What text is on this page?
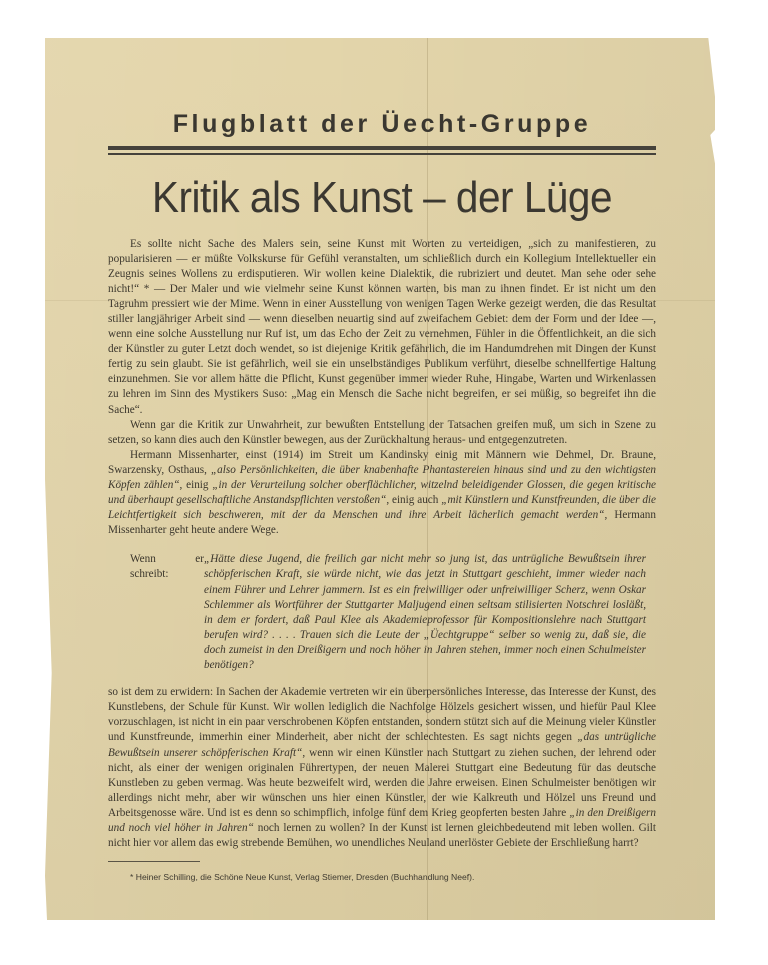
Flugblatt der Üecht-Gruppe
Kritik als Kunst – der Lüge

Es sollte nicht Sache des Malers sein, seine Kunst mit Worten zu verteidigen, „sich zu manifestieren, zu popularisieren — er müßte Volkskurse für Gefühl veranstalten, um schließlich durch ein Kollegium Intellektueller ein Zeugnis seines Wollens zu erdisputieren. Wir wollen keine Dialektik, die rubriziert und deutet. Man sehe oder sehe nicht!“ * — Der Maler und wie vielmehr seine Kunst können warten, bis man zu ihnen findet. Er ist nicht um den Tagruhm pressiert wie der Mime. Wenn in einer Ausstellung von wenigen Tagen Werke gezeigt werden, die das Resultat stiller langjähriger Arbeit sind — wenn dieselben neuartig sind auf zweifachem Gebiet: dem der Form und der Idee —, wenn eine solche Ausstellung nur Ruf ist, um das Echo der Zeit zu vernehmen, Fühler in die Öffentlichkeit, an die sich der Künstler zu guter Letzt doch wendet, so ist diejenige Kritik gefährlich, die im Handumdrehen mit Dingen der Kunst fertig zu sein glaubt. Sie ist gefährlich, weil sie ein unselbständiges Publikum verführt, dieselbe schnellfertige Haltung einzunehmen. Sie vor allem hätte die Pflicht, Kunst gegenüber immer wieder Ruhe, Hingabe, Warten und Wirkenlassen zu lehren im Sinn des Mystikers Suso: „Mag ein Mensch die Sache nicht begreifen, er sei müßig, so begreifet ihn die Sache“.

Wenn gar die Kritik zur Unwahrheit, zur bewußten Entstellung der Tatsachen greifen muß, um sich in Szene zu setzen, so kann dies auch den Künstler bewegen, aus der Zurückhaltung heraus- und entgegenzutreten.

Hermann Missenharter, einst (1914) im Streit um Kandinsky einig mit Männern wie Dehmel, Dr. Braune, Swarzensky, Osthaus, „also Persönlichkeiten, die über knabenhafte Phantastereien hinaus sind und zu den wichtigsten Köpfen zählen“, einig „in der Verurteilung solcher oberflächlicher, witzelnd beleidigender Glossen, die gegen kritische und überhaupt gesellschaftliche Anstandspflichten verstoßen“, einig auch „mit Künstlern und Kunstfreunden, die über die Leichtfertigkeit sich beschweren, mit der da Menschen und ihre Arbeit lächerlich gemacht werden“, Hermann Missenharter geht heute andere Wege.

Wenn er schreibt:
„Hätte diese Jugend, die freilich gar nicht mehr so jung ist, das untrügliche Bewußtsein ihrer schöpferischen Kraft, sie würde nicht, wie das jetzt in Stuttgart geschieht, immer wieder nach einem Führer und Lehrer jammern. Ist es ein freiwilliger oder unfreiwilliger Scherz, wenn Oskar Schlemmer als Wortführer der Stuttgarter Maljugend einen seltsam stilisierten Notschrei losläßt, in dem er fordert, daß Paul Klee als Akademieprofessor für Kompositionslehre nach Stuttgart berufen wird? . . . . Trauen sich die Leute der „Üechtgruppe“ selber so wenig zu, daß sie, die doch zumeist in den Dreißigern und noch höher in Jahren stehen, immer noch einen Schulmeister benötigen?

so ist dem zu erwidern: In Sachen der Akademie vertreten wir ein überpersönliches Interesse, das Interesse der Kunst, des Kunstlebens, der Schule für Kunst. Wir wollen lediglich die Nachfolge Hölzels gesichert wissen, und hiefür Paul Klee vorzuschlagen, ist nicht in ein paar verschrobenen Köpfen entstanden, sondern stützt sich auf die Meinung vieler Künstler und Kunstfreunde, immerhin einer Minderheit, aber nicht der schlechtesten. Es sagt nichts gegen „das untrügliche Bewußtsein unserer schöpferischen Kraft“, wenn wir einen Künstler nach Stuttgart zu ziehen suchen, der lehrend oder nicht, als einer der wenigen originalen Führertypen, der neuen Malerei Stuttgart eine Bedeutung für das deutsche Kunstleben zu geben vermag. Was heute bezweifelt wird, werden die Jahre erweisen. Einen Schulmeister benötigen wir allerdings nicht mehr, aber wir wünschen uns hier einen Künstler, der wie Kalkreuth und Hölzel uns Freund und Arbeitsgenosse wäre. Und ist es denn so schimpflich, infolge fünf dem Krieg geopferten besten Jahre „in den Dreißigern und noch viel höher in Jahren“ noch lernen zu wollen? In der Kunst ist lernen gleichbedeutend mit leben wollen. Gilt nicht hier vor allem das ewig strebende Bemühen, wo unendliches Neuland unerlöster Gebiete der Erschließung harrt?

* Heiner Schilling, die Schöne Neue Kunst, Verlag Stiemer, Dresden (Buchhandlung Neef).
